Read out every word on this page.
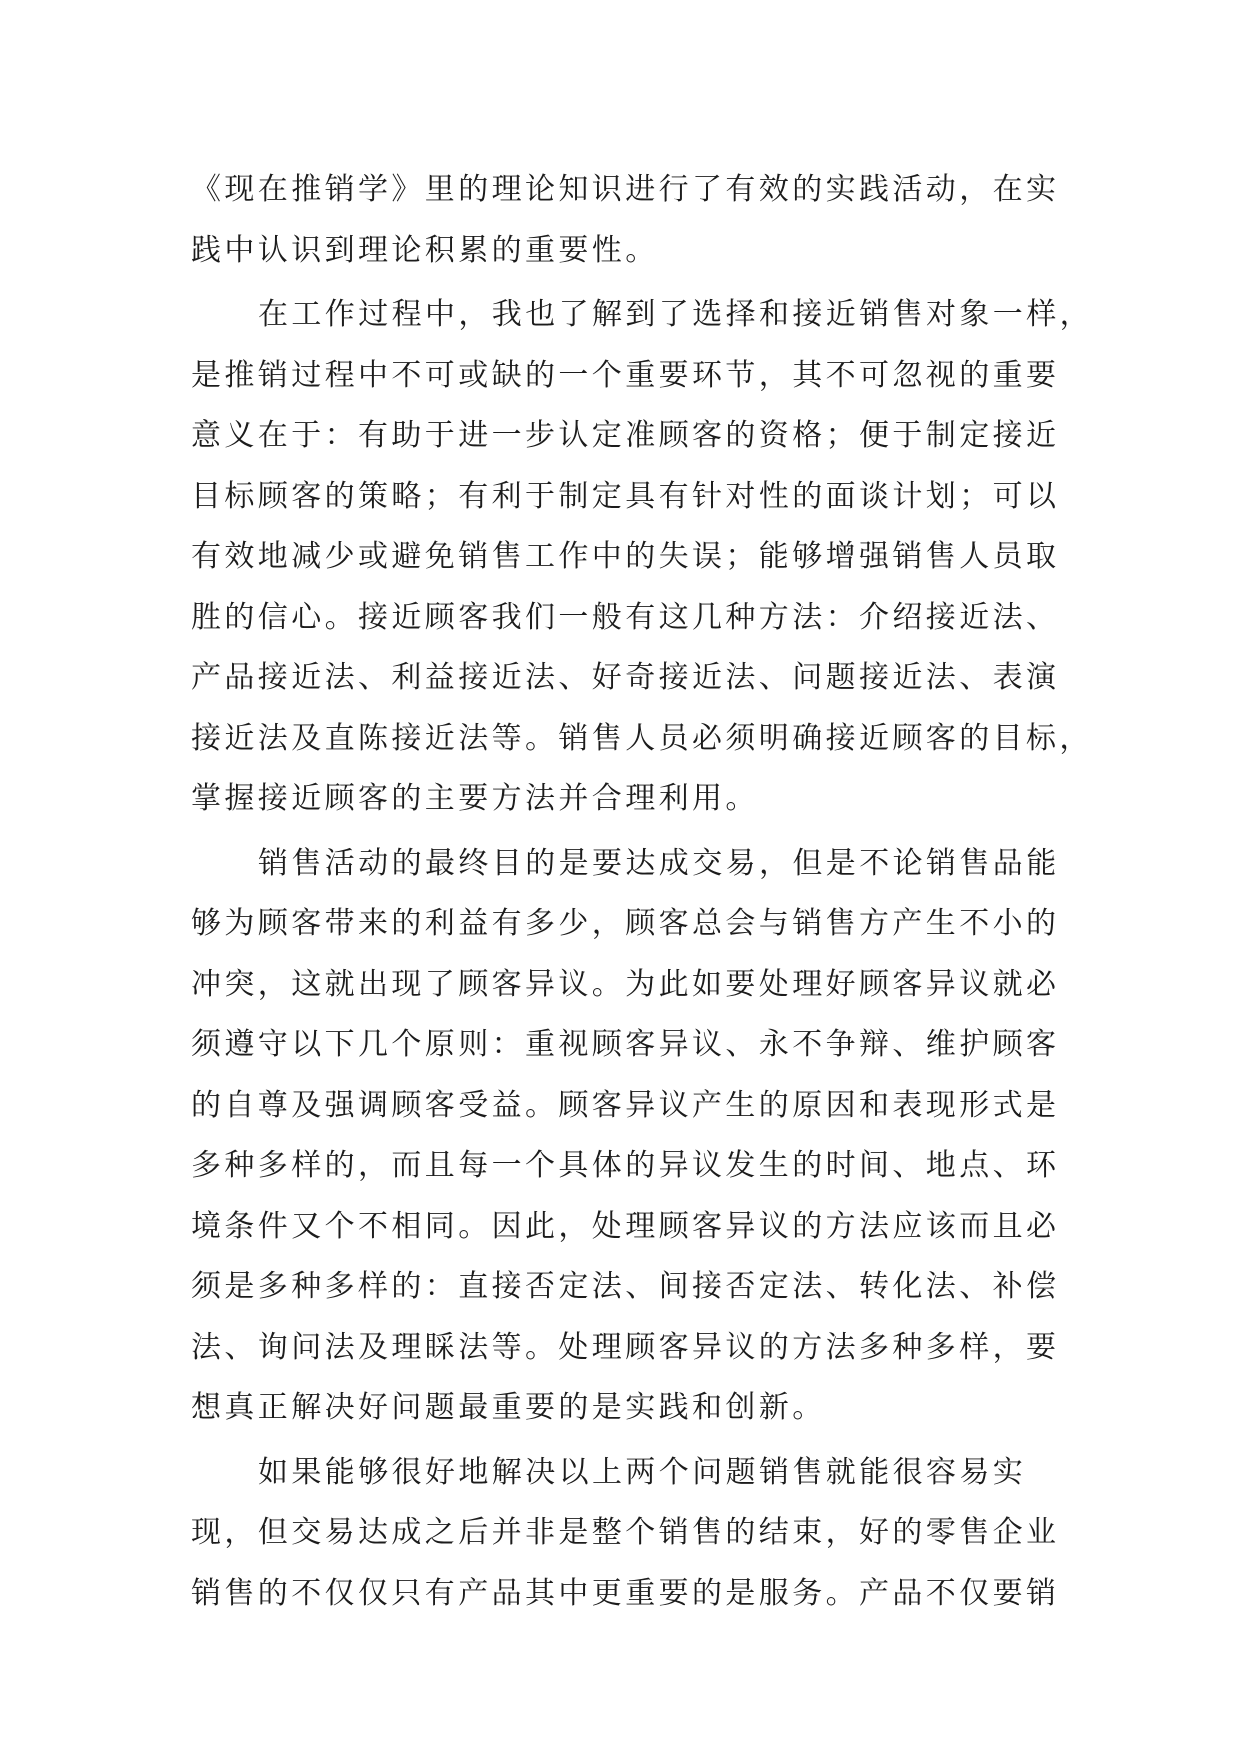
《现在推销学》里的理论知识进行了有效的实践活动，在实
践中认识到理论积累的重要性。
在工作过程中，我也了解到了选择和接近销售对象一样，
是推销过程中不可或缺的一个重要环节，其不可忽视的重要
意义在于：有助于进一步认定准顾客的资格；便于制定接近
目标顾客的策略；有利于制定具有针对性的面谈计划；可以
有效地减少或避免销售工作中的失误；能够增强销售人员取
胜的信心。接近顾客我们一般有这几种方法：介绍接近法、
产品接近法、利益接近法、好奇接近法、问题接近法、表演
接近法及直陈接近法等。销售人员必须明确接近顾客的目标，
掌握接近顾客的主要方法并合理利用。
销售活动的最终目的是要达成交易，但是不论销售品能
够为顾客带来的利益有多少，顾客总会与销售方产生不小的
冲突，这就出现了顾客异议。为此如要处理好顾客异议就必
须遵守以下几个原则：重视顾客异议、永不争辩、维护顾客
的自尊及强调顾客受益。顾客异议产生的原因和表现形式是
多种多样的，而且每一个具体的异议发生的时间、地点、环
境条件又个不相同。因此，处理顾客异议的方法应该而且必
须是多种多样的：直接否定法、间接否定法、转化法、补偿
法、询问法及理睬法等。处理顾客异议的方法多种多样，要
想真正解决好问题最重要的是实践和创新。
如果能够很好地解决以上两个问题销售就能很容易实
现，但交易达成之后并非是整个销售的结束，好的零售企业
销售的不仅仅只有产品其中更重要的是服务。产品不仅要销
